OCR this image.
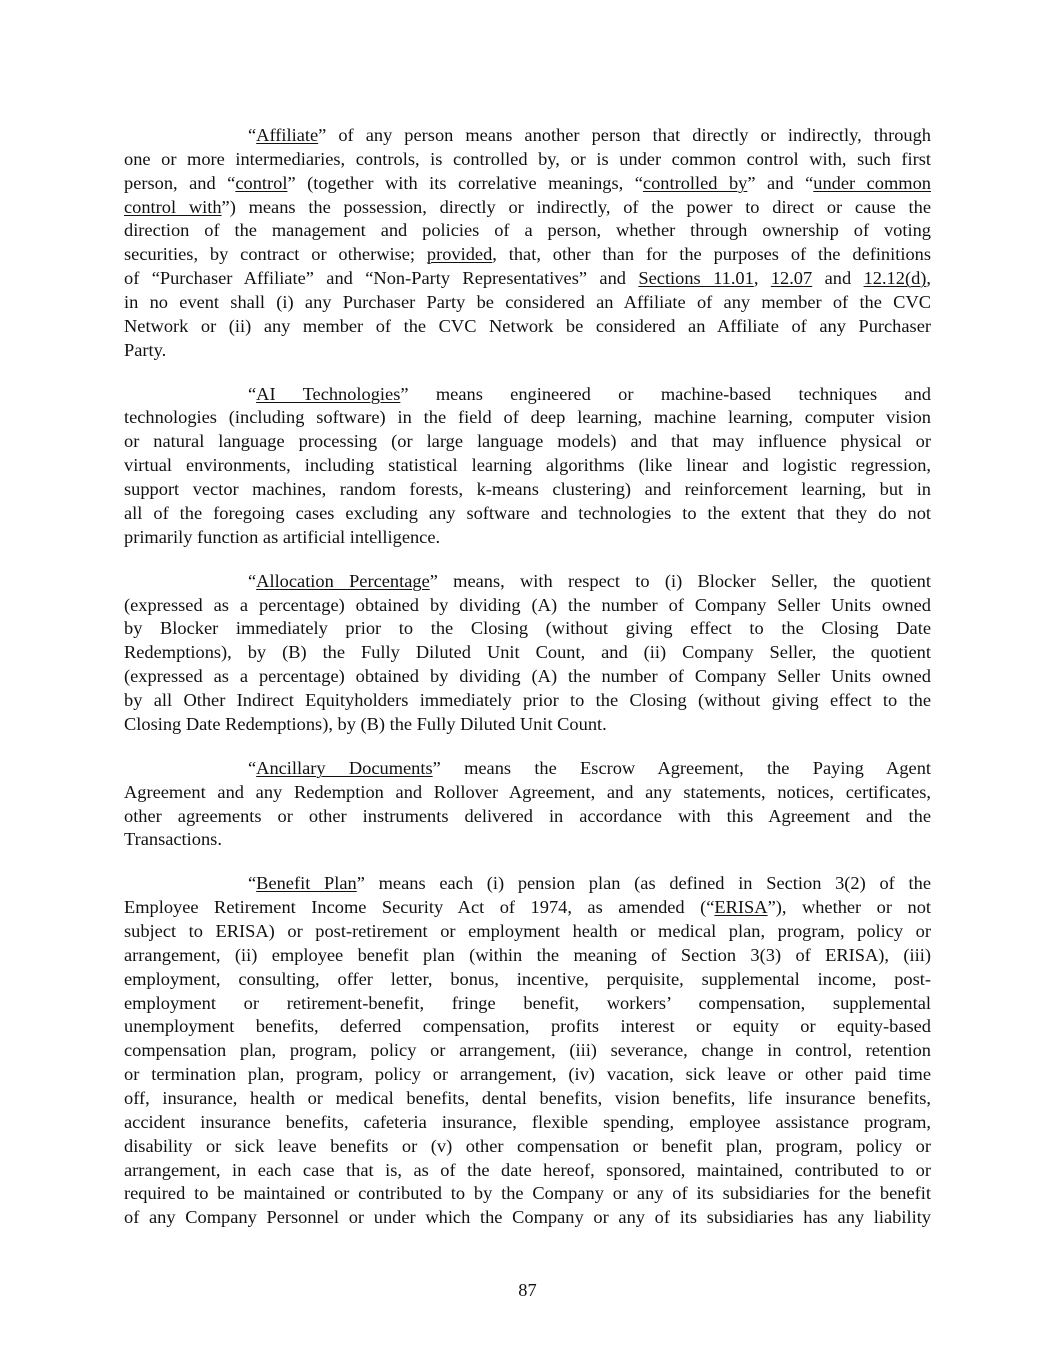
“Affiliate” of any person means another person that directly or indirectly, through
one or more intermediaries, controls, is controlled by, or is under common control with, such first
person, and “control” (together with its correlative meanings, “controlled by” and “under common
control with”) means the possession, directly or indirectly, of the power to direct or cause the
direction of the management and policies of a person, whether through ownership of voting
securities, by contract or otherwise; provided, that, other than for the purposes of the definitions
of “Purchaser Affiliate” and “Non-Party Representatives” and Sections 11.01, 12.07 and 12.12(d),
in no event shall (i) any Purchaser Party be considered an Affiliate of any member of the CVC
Network or (ii) any member of the CVC Network be considered an Affiliate of any Purchaser
Party.
“AI Technologies” means engineered or machine-based techniques and
technologies (including software) in the field of deep learning, machine learning, computer vision
or natural language processing (or large language models) and that may influence physical or
virtual environments, including statistical learning algorithms (like linear and logistic regression,
support vector machines, random forests, k-means clustering) and reinforcement learning, but in
all of the foregoing cases excluding any software and technologies to the extent that they do not
primarily function as artificial intelligence.
“Allocation Percentage” means, with respect to (i) Blocker Seller, the quotient
(expressed as a percentage) obtained by dividing (A) the number of Company Seller Units owned
by Blocker immediately prior to the Closing (without giving effect to the Closing Date
Redemptions), by (B) the Fully Diluted Unit Count, and (ii) Company Seller, the quotient
(expressed as a percentage) obtained by dividing (A) the number of Company Seller Units owned
by all Other Indirect Equityholders immediately prior to the Closing (without giving effect to the
Closing Date Redemptions), by (B) the Fully Diluted Unit Count.
“Ancillary Documents” means the Escrow Agreement, the Paying Agent
Agreement and any Redemption and Rollover Agreement, and any statements, notices, certificates,
other agreements or other instruments delivered in accordance with this Agreement and the
Transactions.
“Benefit Plan” means each (i) pension plan (as defined in Section 3(2) of the
Employee Retirement Income Security Act of 1974, as amended (“ERISA”), whether or not
subject to ERISA) or post-retirement or employment health or medical plan, program, policy or
arrangement, (ii) employee benefit plan (within the meaning of Section 3(3) of ERISA), (iii)
employment, consulting, offer letter, bonus, incentive, perquisite, supplemental income, post-
employment or retirement-benefit, fringe benefit, workers’ compensation, supplemental
unemployment benefits, deferred compensation, profits interest or equity or equity-based
compensation plan, program, policy or arrangement, (iii) severance, change in control, retention
or termination plan, program, policy or arrangement, (iv) vacation, sick leave or other paid time
off, insurance, health or medical benefits, dental benefits, vision benefits, life insurance benefits,
accident insurance benefits, cafeteria insurance, flexible spending, employee assistance program,
disability or sick leave benefits or (v) other compensation or benefit plan, program, policy or
arrangement, in each case that is, as of the date hereof, sponsored, maintained, contributed to or
required to be maintained or contributed to by the Company or any of its subsidiaries for the benefit
of any Company Personnel or under which the Company or any of its subsidiaries has any liability
87
